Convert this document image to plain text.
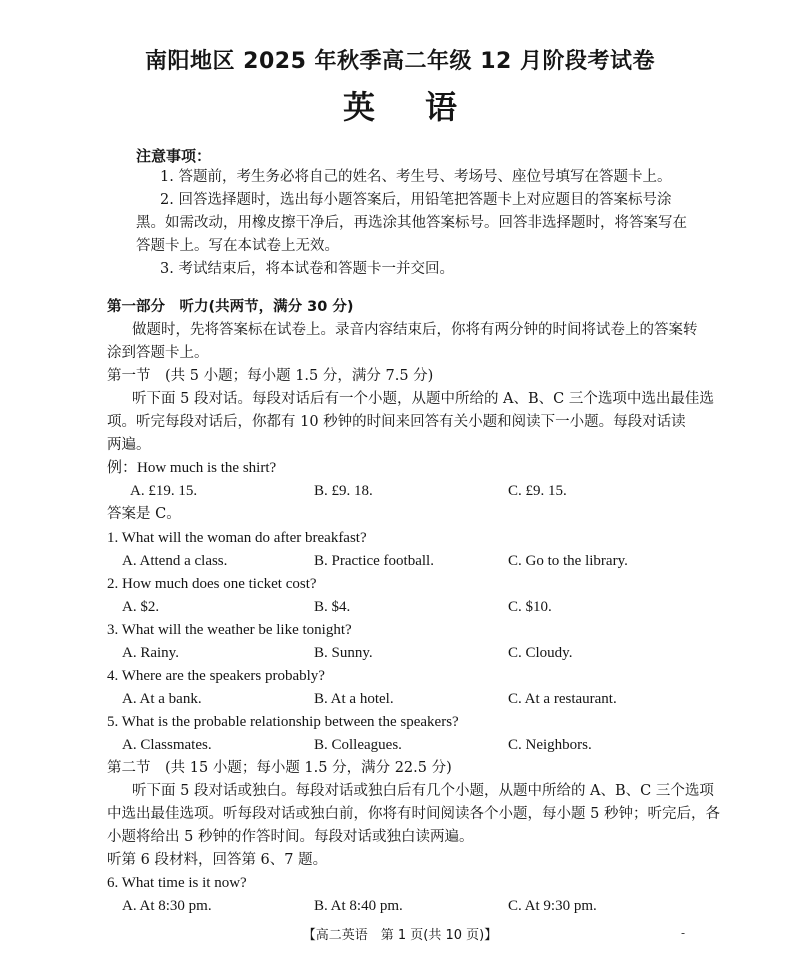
南阳地区 2025 年秋季高二年级 12 月阶段考试卷
英语
注意事项：
1. 答题前，考生务必将自己的姓名、考生号、考场号、座位号填写在答题卡上。
2. 回答选择题时，选出每小题答案后，用铅笔把答题卡上对应题目的答案标号涂
黑。如需改动，用橡皮擦干净后，再选涂其他答案标号。回答非选择题时，将答案写在
答题卡上。写在本试卷上无效。
3. 考试结束后，将本试卷和答题卡一并交回。
第一部分　听力(共两节，满分 30 分)
做题时，先将答案标在试卷上。录音内容结束后，你将有两分钟的时间将试卷上的答案转
涂到答题卡上。
第一节　(共 5 小题；每小题 1.5 分，满分 7.5 分)
听下面 5 段对话。每段对话后有一个小题，从题中所给的 A、B、C 三个选项中选出最佳选
项。听完每段对话后，你都有 10 秒钟的时间来回答有关小题和阅读下一小题。每段对话读
两遍。
例：How much is the shirt?
A. £19. 15.	B. £9. 18.	C. £9. 15.
答案是 C。
1. What will the woman do after breakfast?
A. Attend a class.	B. Practice football.	C. Go to the library.
2. How much does one ticket cost?
A. $2.	B. $4.	C. $10.
3. What will the weather be like tonight?
A. Rainy.	B. Sunny.	C. Cloudy.
4. Where are the speakers probably?
A. At a bank.	B. At a hotel.	C. At a restaurant.
5. What is the probable relationship between the speakers?
A. Classmates.	B. Colleagues.	C. Neighbors.
第二节　(共 15 小题；每小题 1.5 分，满分 22.5 分)
听下面 5 段对话或独白。每段对话或独白后有几个小题，从题中所给的 A、B、C 三个选项
中选出最佳选项。听每段对话或独白前，你将有时间阅读各个小题，每小题 5 秒钟；听完后，各
小题将给出 5 秒钟的作答时间。每段对话或独白读两遍。
听第 6 段材料，回答第 6、7 题。
6. What time is it now?
A. At 8:30 pm.	B. At 8:40 pm.	C. At 9:30 pm.
【高二英语　第 1 页(共 10 页)】	-
